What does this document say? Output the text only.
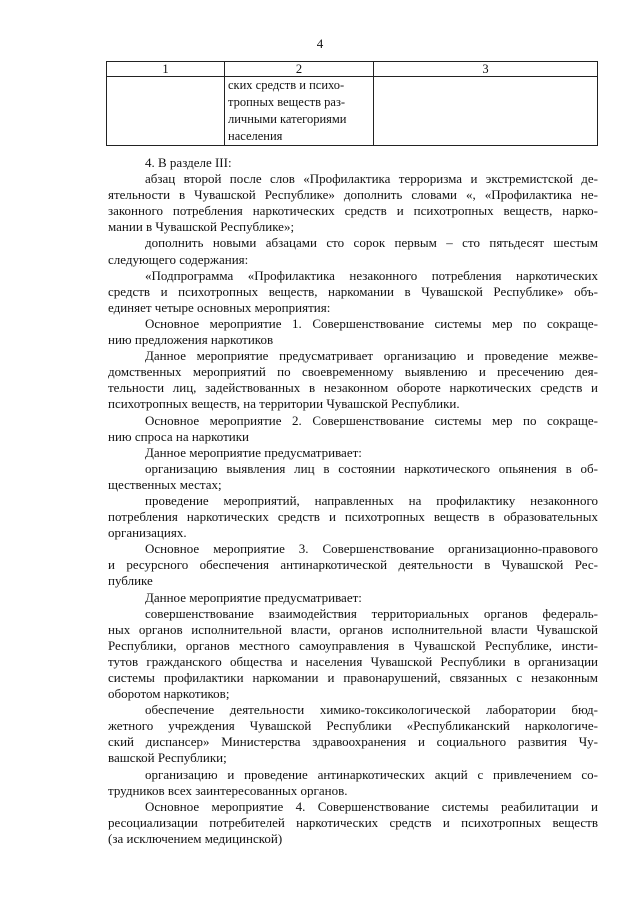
4
1	2	3

	ских средств и психо-
тропных веществ раз-
личными категориями
населения	

4. В разделе III:
абзац второй после слов «Профилактика терроризма и экстремистской де-
ятельности в Чувашской Республике» дополнить словами «, «Профилактика не-
законного потребления наркотических средств и психотропных веществ, нарко-
мании в Чувашской Республике»;
дополнить новыми абзацами сто сорок первым – сто пятьдесят шестым
следующего содержания:
«Подпрограмма «Профилактика незаконного потребления наркотических
средств и психотропных веществ, наркомании в Чувашской Республике» объ-
единяет четыре основных мероприятия:
Основное мероприятие 1. Совершенствование системы мер по сокраще-
нию предложения наркотиков
Данное мероприятие предусматривает организацию и проведение межве-
домственных мероприятий по своевременному выявлению и пресечению дея-
тельности лиц, задействованных в незаконном обороте наркотических средств и
психотропных веществ, на территории Чувашской Республики.
Основное мероприятие 2. Совершенствование системы мер по сокраще-
нию спроса на наркотики
Данное мероприятие предусматривает:
организацию выявления лиц в состоянии наркотического опьянения в об-
щественных местах;
проведение мероприятий, направленных на профилактику незаконного
потребления наркотических средств и психотропных веществ в образовательных
организациях.
Основное мероприятие 3. Совершенствование организационно-правового
и ресурсного обеспечения антинаркотической деятельности в Чувашской Рес-
публике
Данное мероприятие предусматривает:
совершенствование взаимодействия территориальных органов федераль-
ных органов исполнительной власти, органов исполнительной власти Чувашской
Республики, органов местного самоуправления в Чувашской Республике, инсти-
тутов гражданского общества и населения Чувашской Республики в организации
системы профилактики наркомании и правонарушений, связанных с незаконным
оборотом наркотиков;
обеспечение деятельности химико-токсикологической лаборатории бюд-
жетного учреждения Чувашской Республики «Республиканский наркологиче-
ский диспансер» Министерства здравоохранения и социального развития Чу-
вашской Республики;
организацию и проведение антинаркотических акций с привлечением со-
трудников всех заинтересованных органов.
Основное мероприятие 4. Совершенствование системы реабилитации и
ресоциализации потребителей наркотических средств и психотропных веществ
(за исключением медицинской)
